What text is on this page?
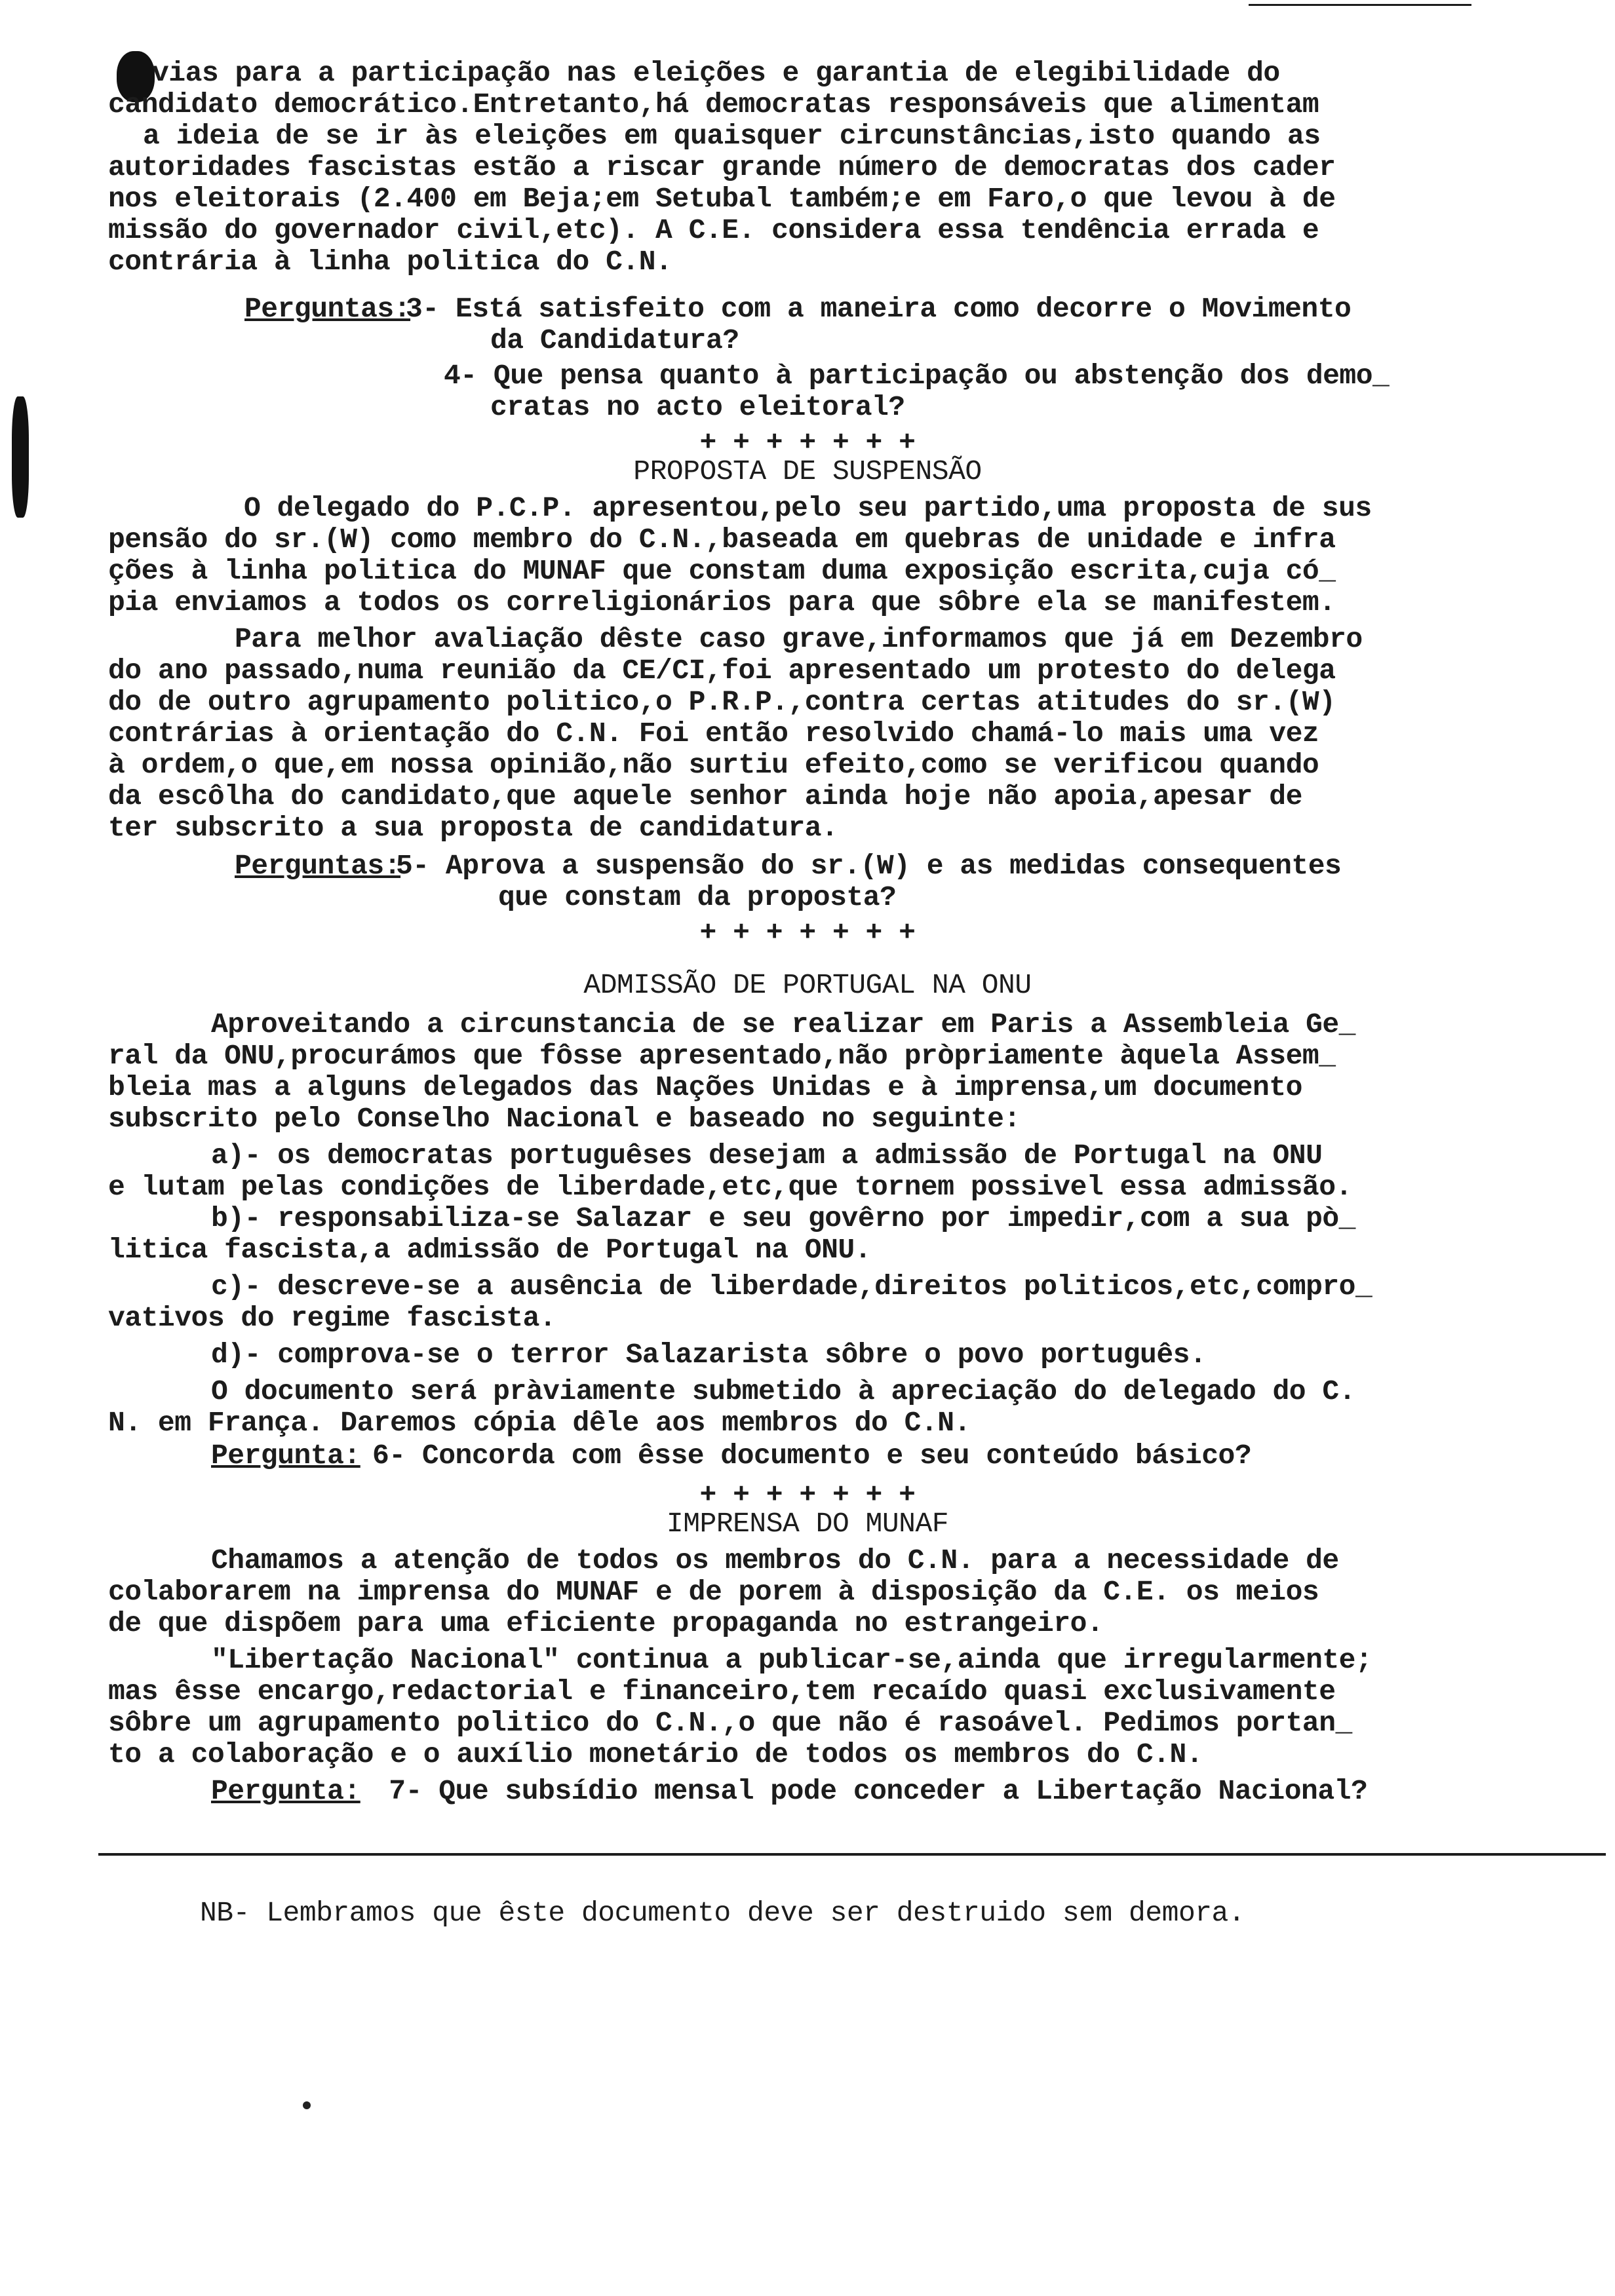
vias para a participação nas eleições e garantia de elegibilidade do
candidato democrático.Entretanto,há democratas responsáveis que alimentam
a ideia de se ir às eleições em quaisquer circunstâncias,isto quando as
autoridades fascistas estão a riscar grande número de democratas dos cader
nos eleitorais (2.400 em Beja;em Setubal também;e em Faro,o que levou à de
missão do governador civil,etc). A C.E. considera essa tendência errada e
contrária à linha politica do C.N.
Perguntas:
3- Está satisfeito com a maneira como decorre o Movimento
da Candidatura?
4- Que pensa quanto à participação ou abstenção dos demo_
cratas no acto eleitoral?
+ + + + + + +
PROPOSTA DE SUSPENSÃO
O delegado do P.C.P. apresentou,pelo seu partido,uma proposta de sus
pensão do sr.(W) como membro do C.N.,baseada em quebras de unidade e infra
ções à linha politica do MUNAF que constam duma exposição escrita,cuja có_
pia enviamos a todos os correligionários para que sôbre ela se manifestem.
Para melhor avaliação dêste caso grave,informamos que já em Dezembro
do ano passado,numa reunião da CE/CI,foi apresentado um protesto do delega
do de outro agrupamento politico,o P.R.P.,contra certas atitudes do sr.(W)
contrárias à orientação do C.N. Foi então resolvido chamá-lo mais uma vez
à ordem,o que,em nossa opinião,não surtiu efeito,como se verificou quando
da escôlha do candidato,que aquele senhor ainda hoje não apoia,apesar de
ter subscrito a sua proposta de candidatura.
Perguntas:
5- Aprova a suspensão do sr.(W) e as medidas consequentes
que constam da proposta?
+ + + + + + +
ADMISSÃO DE PORTUGAL NA ONU
Aproveitando a circunstancia de se realizar em Paris a Assembleia Ge_
ral da ONU,procurámos que fôsse apresentado,não pròpriamente àquela Assem_
bleia mas a alguns delegados das Nações Unidas e à imprensa,um documento
subscrito pelo Conselho Nacional e baseado no seguinte:
a)- os democratas portuguêses desejam a admissão de Portugal na ONU
e lutam pelas condições de liberdade,etc,que tornem possivel essa admissão.
b)- responsabiliza-se Salazar e seu govêrno por impedir,com a sua pò_
litica fascista,a admissão de Portugal na ONU.
c)- descreve-se a ausência de liberdade,direitos politicos,etc,compro_
vativos do regime fascista.
d)- comprova-se o terror Salazarista sôbre o povo português.
O documento será pràviamente submetido à apreciação do delegado do C.
N. em França. Daremos cópia dêle aos membros do C.N.
Pergunta: 6- Concorda com êsse documento e seu conteúdo básico?
+ + + + + + +
IMPRENSA DO MUNAF
Chamamos a atenção de todos os membros do C.N. para a necessidade de
colaborarem na imprensa do MUNAF e de porem à disposição da C.E. os meios
de que dispõem para uma eficiente propaganda no estrangeiro.
"Libertação Nacional" continua a publicar-se,ainda que irregularmente;
mas êsse encargo,redactorial e financeiro,tem recaído quasi exclusivamente
sôbre um agrupamento politico do C.N.,o que não é rasoável. Pedimos portan_
to a colaboração e o auxílio monetário de todos os membros do C.N.
Pergunta: 7- Que subsídio mensal pode conceder a Libertação Nacional?
NB- Lembramos que êste documento deve ser destruido sem demora.
